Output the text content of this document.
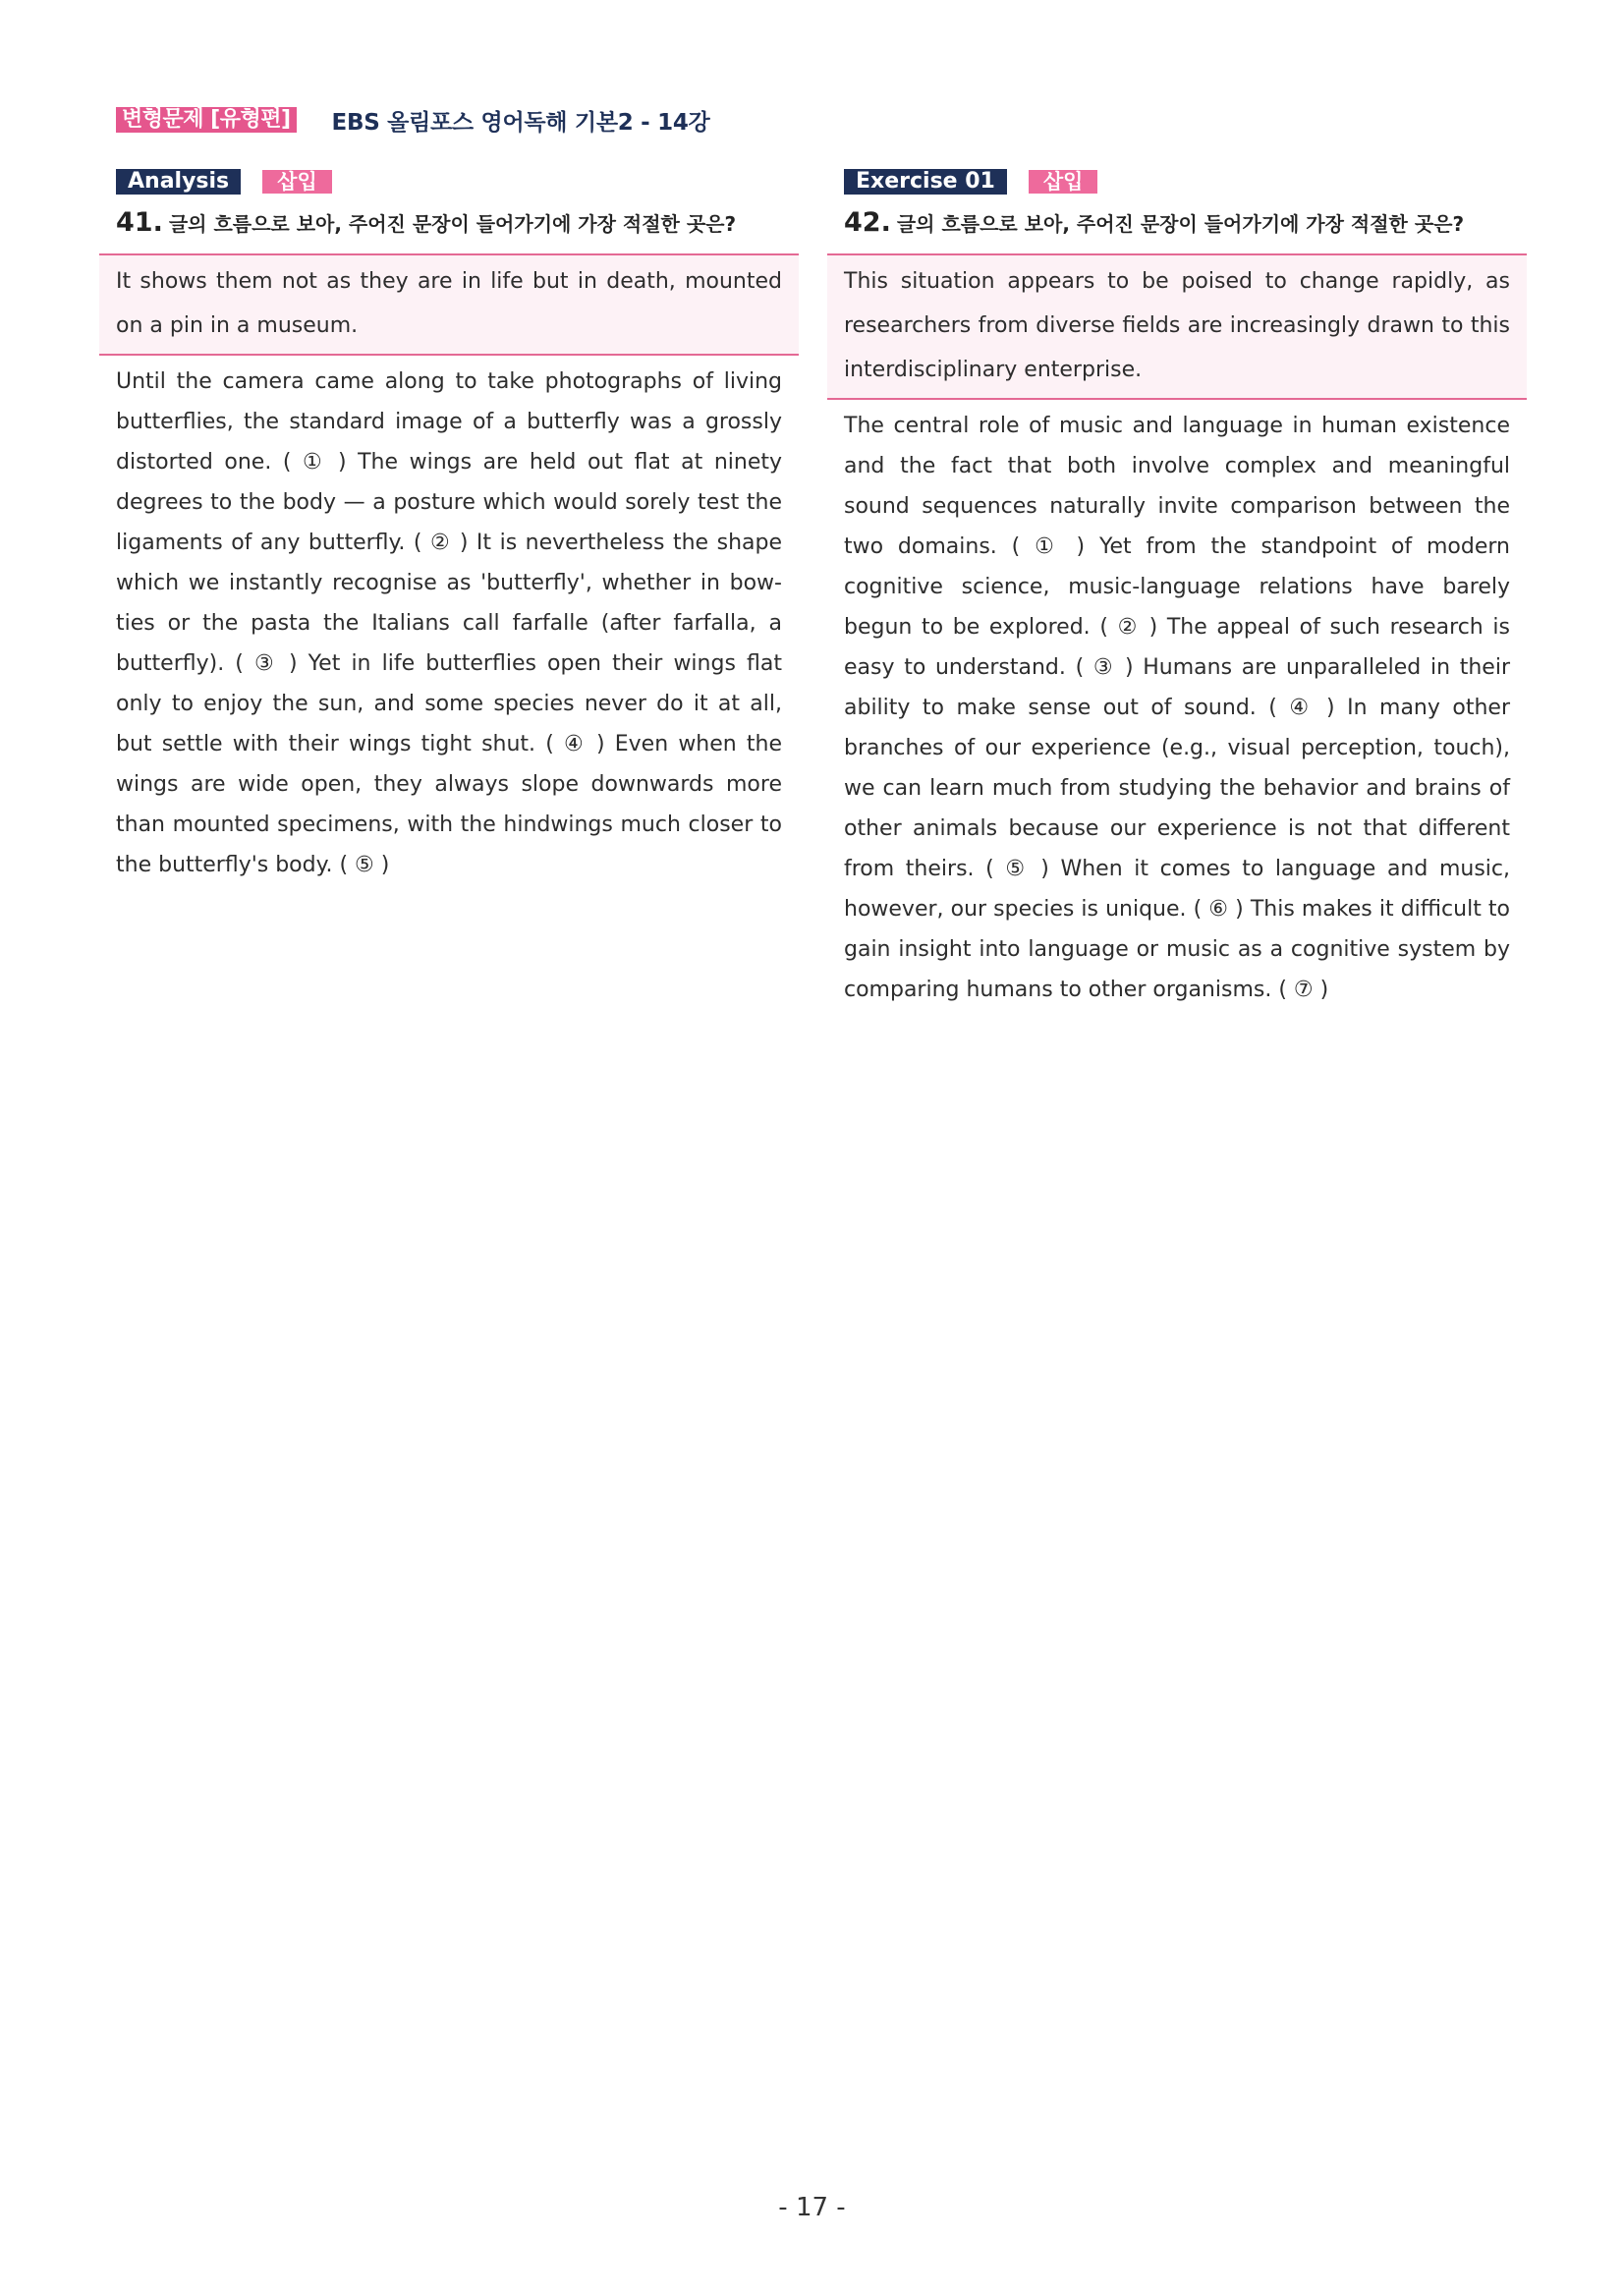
변형문제 [유형편] EBS 올림포스 영어독해 기본2 - 14강
Analysis	삽입
41. 글의 흐름으로 보아, 주어진 문장이 들어가기에 가장 적절한 곳은?
It shows them not as they are in life but in death, mounted on a pin in a museum.
Until the camera came along to take photographs of living butterflies, the standard image of a butterfly was a grossly distorted one. ( ① ) The wings are held out flat at ninety degrees to the body — a posture which would sorely test the ligaments of any butterfly. ( ② ) It is nevertheless the shape which we instantly recognise as 'butterfly', whether in bow-ties or the pasta the Italians call farfalle (after farfalla, a butterfly). ( ③ ) Yet in life butterflies open their wings flat only to enjoy the sun, and some species never do it at all, but settle with their wings tight shut. ( ④ ) Even when the wings are wide open, they always slope downwards more than mounted specimens, with the hindwings much closer to the butterfly's body. ( ⑤ )
Exercise 01	삽입
42. 글의 흐름으로 보아, 주어진 문장이 들어가기에 가장 적절한 곳은?
This situation appears to be poised to change rapidly, as researchers from diverse fields are increasingly drawn to this interdisciplinary enterprise.
The central role of music and language in human existence and the fact that both involve complex and meaningful sound sequences naturally invite comparison between the two domains. ( ① ) Yet from the standpoint of modern cognitive science, music-language relations have barely begun to be explored. ( ② ) The appeal of such research is easy to understand. ( ③ ) Humans are unparalleled in their ability to make sense out of sound. ( ④ ) In many other branches of our experience (e.g., visual perception, touch), we can learn much from studying the behavior and brains of other animals because our experience is not that different from theirs. ( ⑤ ) When it comes to language and music, however, our species is unique. ( ⑥ ) This makes it difficult to gain insight into language or music as a cognitive system by comparing humans to other organisms. ( ⑦ )
- 17 -
